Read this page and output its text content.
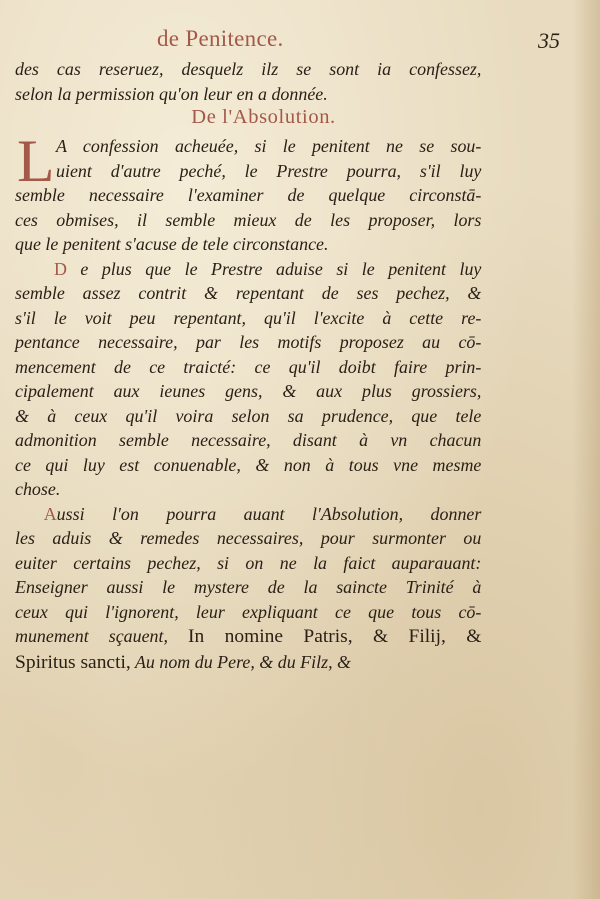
de Penitence.	35
des cas reseruez, desquelz ilz se sont ia confessez,
selon la permission qu'on leur en a donnée.
De l'Absolution.
L A confession acheuée, si le penitent ne se sou-
uient d'autre peché, le Prestre pourra, s'il luy
semble necessaire l'examiner de quelque circonstā-
ces obmises, il semble mieux de les proposer, lors
que le penitent s'acuse de tele circonstance.
D e plus que le Prestre aduise si le penitent luy
semble assez contrit & repentant de ses pechez, &
s'il le voit peu repentant, qu'il l'excite à cette re-
pentance necessaire, par les motifs proposez au cō-
mencement de ce traicté: ce qu'il doibt faire prin-
cipalement aux ieunes gens, & aux plus grossiers,
& à ceux qu'il voira selon sa prudence, que tele
admonition semble necessaire, disant à vn chacun
ce qui luy est conuenable, & non à tous vne mesme
chose.
Aussi l'on pourra auant l'Absolution, donner
les aduis & remedes necessaires, pour surmonter ou
euiter certains pechez, si on ne la faict auparauant:
Enseigner aussi le mystere de la saincte Trinité à
ceux qui l'ignorent, leur expliquant ce que tous cō-
munement sçauent, In nomine Patris, & Filij, &
Spiritus sancti, Au nom du Pere, & du Filz, &
